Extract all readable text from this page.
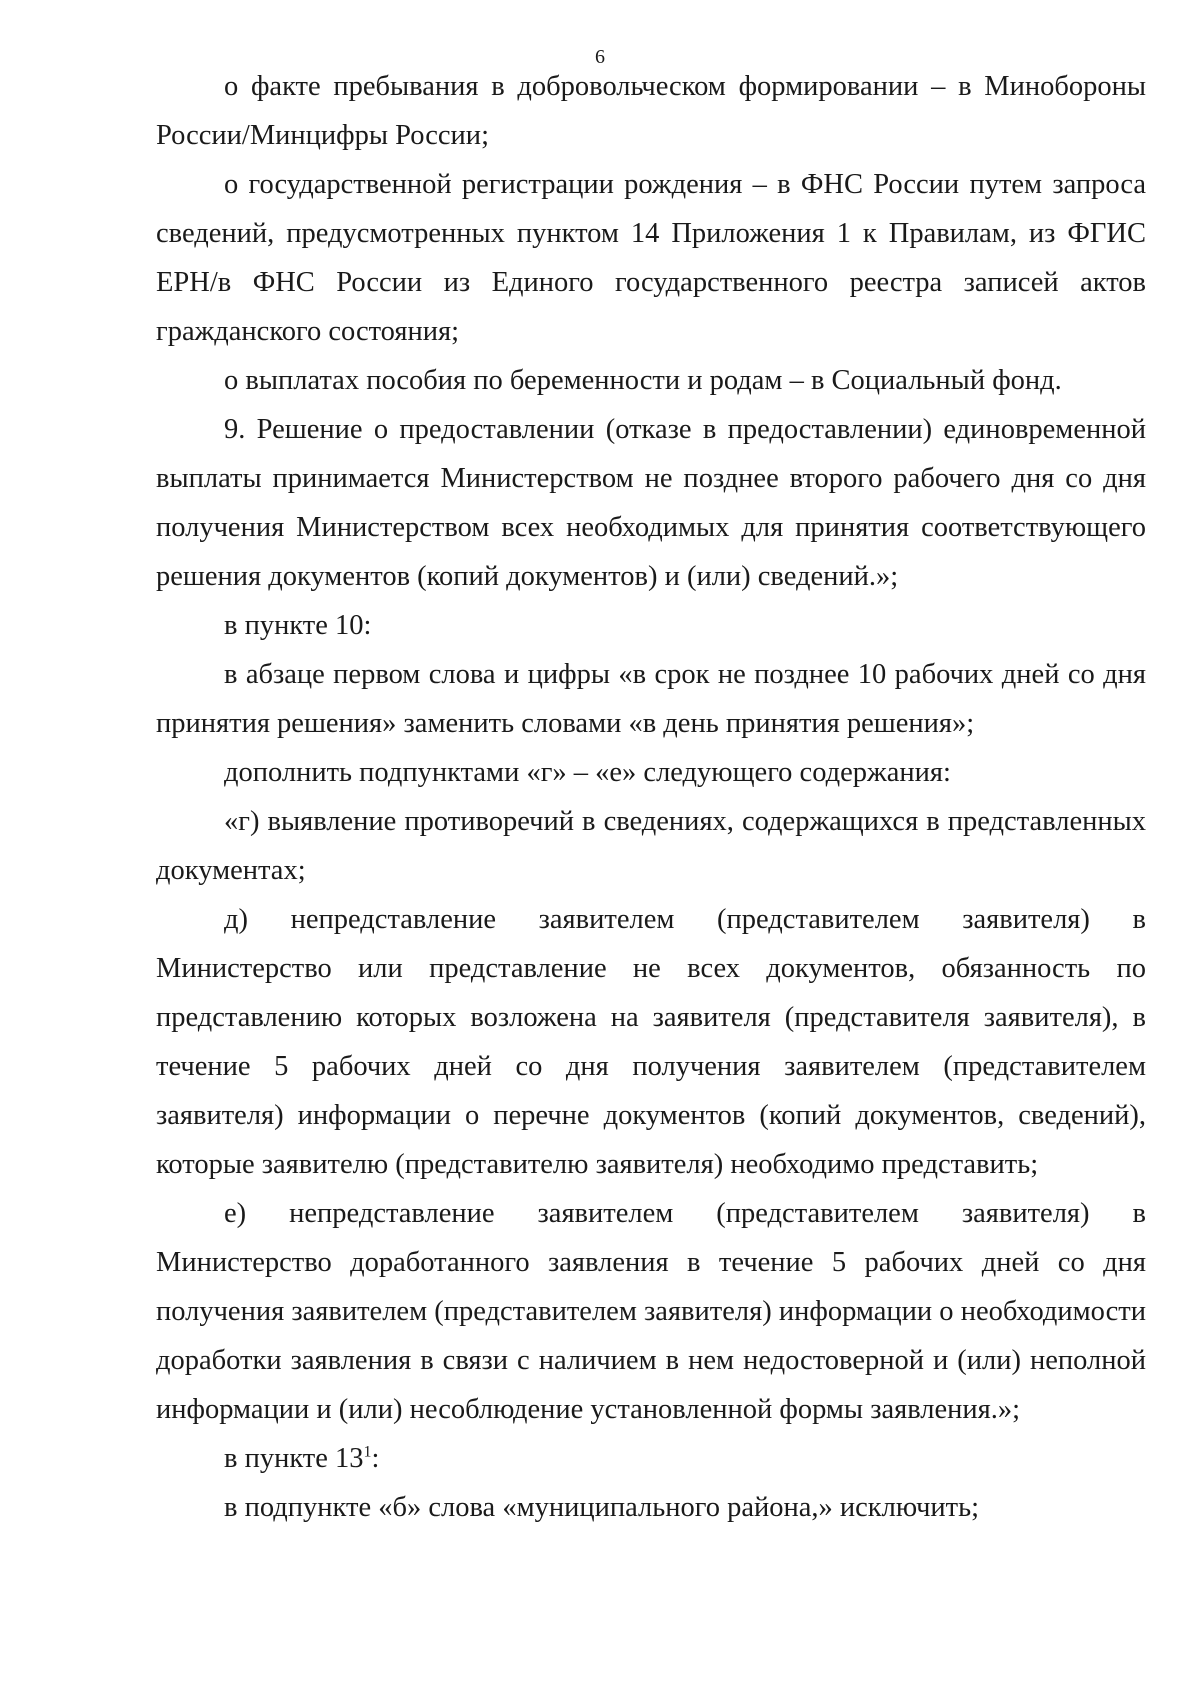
6

о факте пребывания в добровольческом формировании – в Минобороны России/Минцифры России;

о государственной регистрации рождения – в ФНС России путем запроса сведений, предусмотренных пунктом 14 Приложения 1 к Правилам, из ФГИС ЕРН/в ФНС России из Единого государственного реестра записей актов гражданского состояния;

о выплатах пособия по беременности и родам – в Социальный фонд.

9. Решение о предоставлении (отказе в предоставлении) единовременной выплаты принимается Министерством не позднее второго рабочего дня со дня получения Министерством всех необходимых для принятия соответствующего решения документов (копий документов) и (или) сведений.»;

в пункте 10:

в абзаце первом слова и цифры «в срок не позднее 10 рабочих дней со дня принятия решения» заменить словами «в день принятия решения»;

дополнить подпунктами «г» – «е» следующего содержания:

«г) выявление противоречий в сведениях, содержащихся в представленных документах;

д) непредставление заявителем (представителем заявителя) в Министерство или представление не всех документов, обязанность по представлению которых возложена на заявителя (представителя заявителя), в течение 5 рабочих дней со дня получения заявителем (представителем заявителя) информации о перечне документов (копий документов, сведений), которые заявителю (представителю заявителя) необходимо представить;

е) непредставление заявителем (представителем заявителя) в Министерство доработанного заявления в течение 5 рабочих дней со дня получения заявителем (представителем заявителя) информации о необходимости доработки заявления в связи с наличием в нем недостоверной и (или) неполной информации и (или) несоблюдение установленной формы заявления.»;

в пункте $13^1$:

в подпункте «б» слова «муниципального района,» исключить;
